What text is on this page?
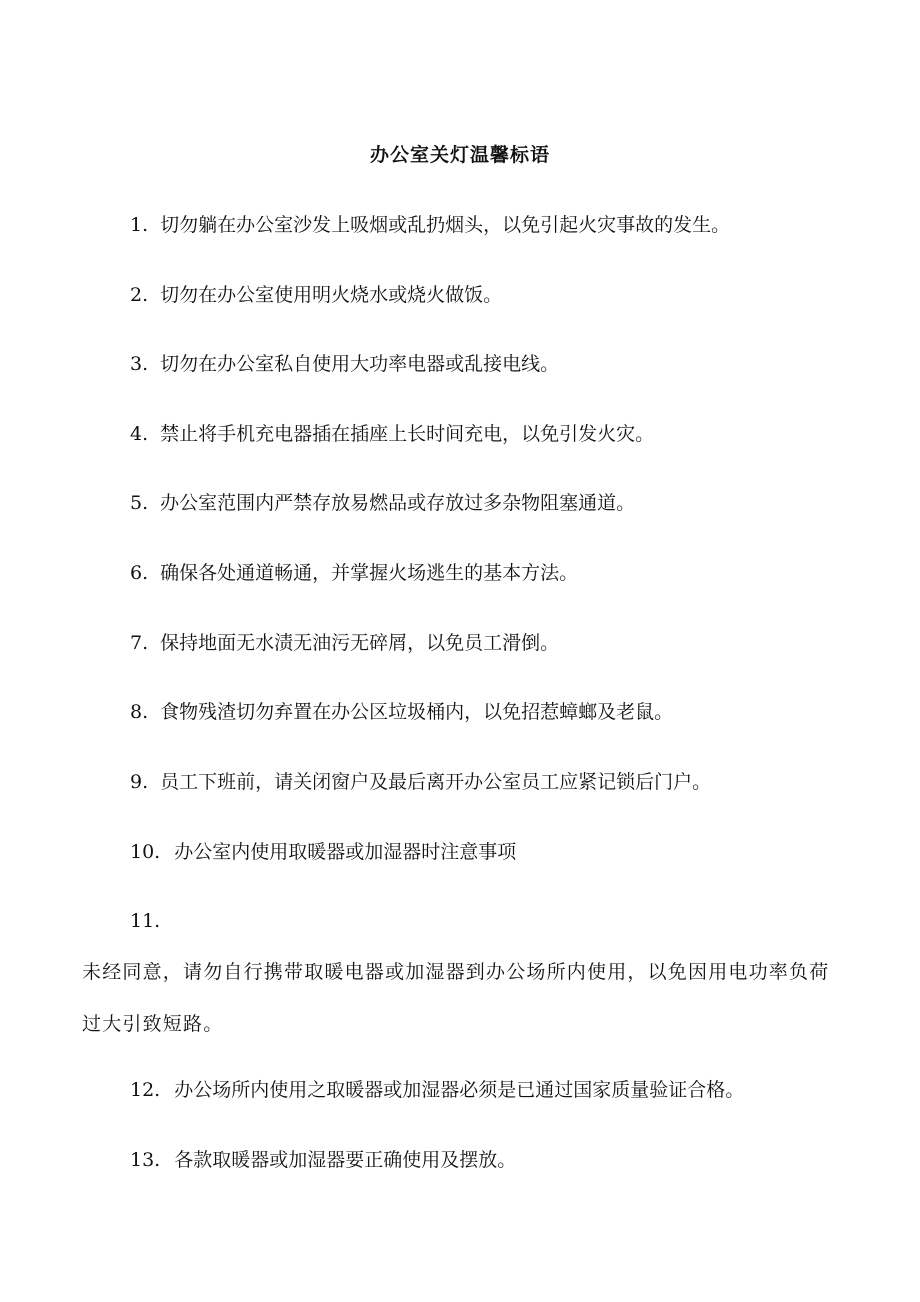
办公室关灯温馨标语
1. 切勿躺在办公室沙发上吸烟或乱扔烟头，以免引起火灾事故的发生。
2. 切勿在办公室使用明火烧水或烧火做饭。
3. 切勿在办公室私自使用大功率电器或乱接电线。
4. 禁止将手机充电器插在插座上长时间充电，以免引发火灾。
5. 办公室范围内严禁存放易燃品或存放过多杂物阻塞通道。
6. 确保各处通道畅通，并掌握火场逃生的基本方法。
7. 保持地面无水渍无油污无碎屑，以免员工滑倒。
8. 食物残渣切勿弃置在办公区垃圾桶内，以免招惹蟑螂及老鼠。
9. 员工下班前，请关闭窗户及最后离开办公室员工应紧记锁后门户。
10. 办公室内使用取暖器或加湿器时注意事项
11.
未经同意，请勿自行携带取暖电器或加湿器到办公场所内使用，以免因用电功率负荷过大引致短路。
12. 办公场所内使用之取暖器或加湿器必须是已通过国家质量验证合格。
13. 各款取暖器或加湿器要正确使用及摆放。
